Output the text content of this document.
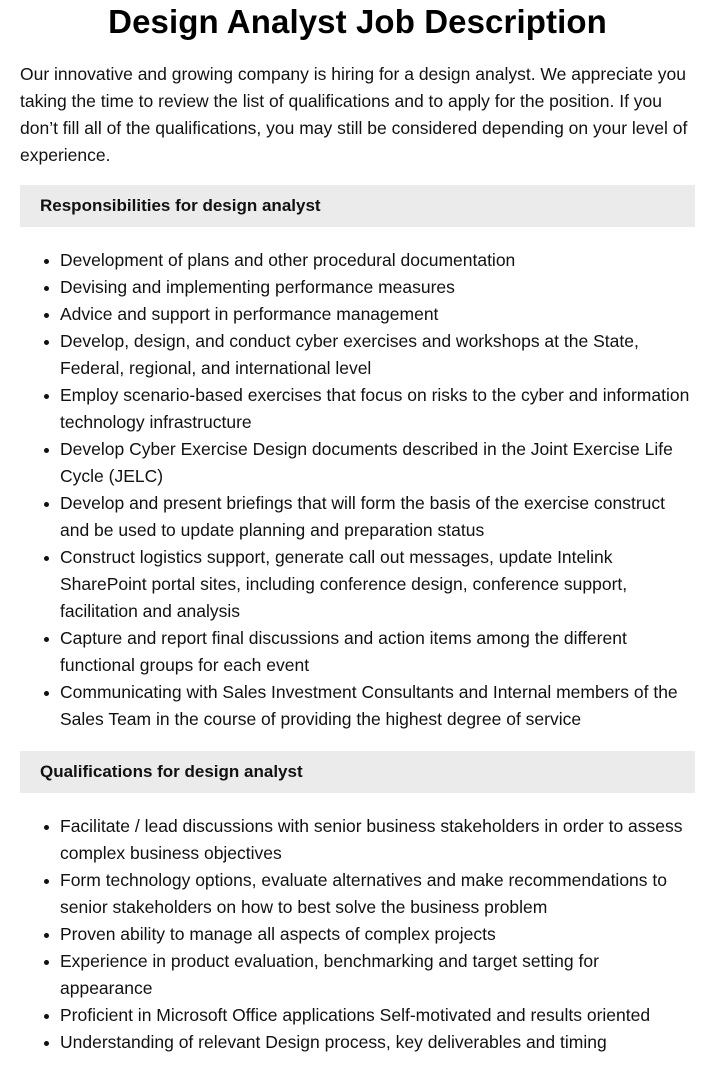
Design Analyst Job Description

Our innovative and growing company is hiring for a design analyst. We appreciate you taking the time to review the list of qualifications and to apply for the position. If you don’t fill all of the qualifications, you may still be considered depending on your level of experience.

Responsibilities for design analyst
Development of plans and other procedural documentation
Devising and implementing performance measures
Advice and support in performance management
Develop, design, and conduct cyber exercises and workshops at the State, Federal, regional, and international level
Employ scenario-based exercises that focus on risks to the cyber and information technology infrastructure
Develop Cyber Exercise Design documents described in the Joint Exercise Life Cycle (JELC)
Develop and present briefings that will form the basis of the exercise construct and be used to update planning and preparation status
Construct logistics support, generate call out messages, update Intelink SharePoint portal sites, including conference design, conference support, facilitation and analysis
Capture and report final discussions and action items among the different functional groups for each event
Communicating with Sales Investment Consultants and Internal members of the Sales Team in the course of providing the highest degree of service
Qualifications for design analyst
Facilitate / lead discussions with senior business stakeholders in order to assess complex business objectives
Form technology options, evaluate alternatives and make recommendations to senior stakeholders on how to best solve the business problem
Proven ability to manage all aspects of complex projects
Experience in product evaluation, benchmarking and target setting for appearance
Proficient in Microsoft Office applications Self-motivated and results oriented
Understanding of relevant Design process, key deliverables and timing
